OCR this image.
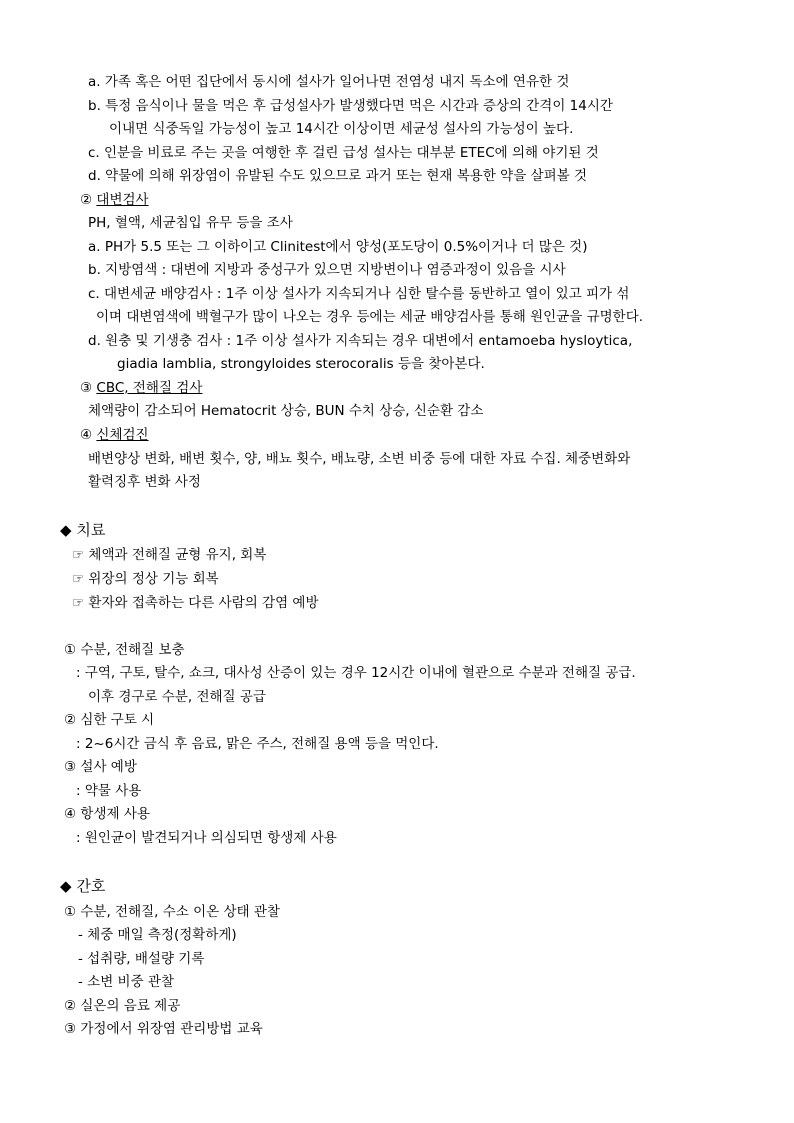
a. 가족 혹은 어떤 집단에서 동시에 설사가 일어나면 전염성 내지 독소에 연유한 것
b. 특정 음식이나 물을 먹은 후 급성설사가 발생했다면 먹은 시간과 증상의 간격이 14시간
이내면 식중독일 가능성이 높고 14시간 이상이면 세균성 설사의 가능성이 높다.
c. 인분을 비료로 주는 곳을 여행한 후 걸린 급성 설사는 대부분 ETEC에 의해 야기된 것
d. 약물에 의해 위장염이 유발된 수도 있으므로 과거 또는 현재 복용한 약을 살펴볼 것
② 대변검사
PH, 혈액, 세균침입 유무 등을 조사
a. PH가 5.5 또는 그 이하이고 Clinitest에서 양성(포도당이 0.5%이거나 더 많은 것)
b. 지방염색 : 대변에 지방과 중성구가 있으면 지방변이나 염증과정이 있음을 시사
c. 대변세균 배양검사 : 1주 이상 설사가 지속되거나 심한 탈수를 동반하고 열이 있고 피가 섞
이며 대변염색에 백혈구가 많이 나오는 경우 등에는 세균 배양검사를 통해 원인균을 규명한다.
d. 원충 및 기생충 검사 : 1주 이상 설사가 지속되는 경우 대변에서 entamoeba hysloytica,
giadia lamblia, strongyloides sterocoralis 등을 찾아본다.
③ CBC, 전해질 검사
체액량이 감소되어 Hematocrit 상승, BUN 수치 상승, 신순환 감소
④ 신체검진
배변양상 변화, 배변 횟수, 양, 배뇨 횟수, 배뇨량, 소변 비중 등에 대한 자료 수집. 체중변화와
활력징후 변화 사정
◆ 치료
☞ 체액과 전해질 균형 유지, 회복
☞ 위장의 정상 기능 회복
☞ 환자와 접촉하는 다른 사람의 감염 예방
① 수분, 전해질 보충
: 구역, 구토, 탈수, 쇼크, 대사성 산증이 있는 경우 12시간 이내에 혈관으로 수분과 전해질 공급.
이후 경구로 수분, 전해질 공급
② 심한 구토 시
: 2~6시간 금식 후 음료, 맑은 주스, 전해질 용액 등을 먹인다.
③ 설사 예방
: 약물 사용
④ 항생제 사용
: 원인균이 발견되거나 의심되면 항생제 사용
◆ 간호
① 수분, 전해질, 수소 이온 상태 관찰
- 체중 매일 측정(정확하게)
- 섭취량, 배설량 기록
- 소변 비중 관찰
② 실온의 음료 제공
③ 가정에서 위장염 관리방법 교육
